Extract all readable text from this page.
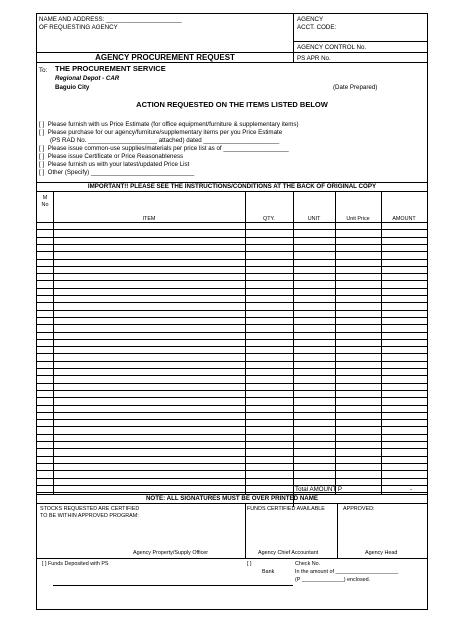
NAME AND ADDRESS: ______________________
OF REQUESTING AGENCY
AGENCY
ACCT. CODE:
AGENCY CONTROL No.
AGENCY PROCUREMENT REQUEST	PS APR No.
To: THE PROCUREMENT SERVICE
Regional Depot - CAR
Baguio City	(Date Prepared)
ACTION REQUESTED ON THE ITEMS LISTED BELOW
[ ] Please furnish with us Price Estimate (for office equipment/furniture & supplementary items)
[ ] Please purchase for our agency/furniture/supplementary items per you Price Estimate
(PS RAD No. ____________________ attached) dated ______________________
[ ] Please issue common-use supplies/materials per price list as of ___________________
[ ] Please issue Certificate or Price Reasonableness
[ ] Please furnish us with your latest/updated Price List
[ ] Other (Specify) ______________________________
IMPORTANT!! PLEASE SEE THE INSTRUCTIONS/CONDITIONS AT THE BACK OF ORIGINAL COPY
M
No
ITEM	QTY.	UNIT	Unit Price	AMOUNT
Total AMOUNT P	-
NOTE: ALL SIGNATURES MUST BE OVER PRINTED NAME
STOCKS REQUESTED ARE CERTIFIED
TO BE WITHIN APPROVED PROGRAM:
FUNDS CERTIFIED AVAILABLE	APPROVED:
Agency Property/Supply Officer	Agency Chief Accountant	Agency Head
[ ] Funds Deposited with PS	[ ]	Check No.
Bank	In the amount of _____________________
(P ______________) enclosed.
